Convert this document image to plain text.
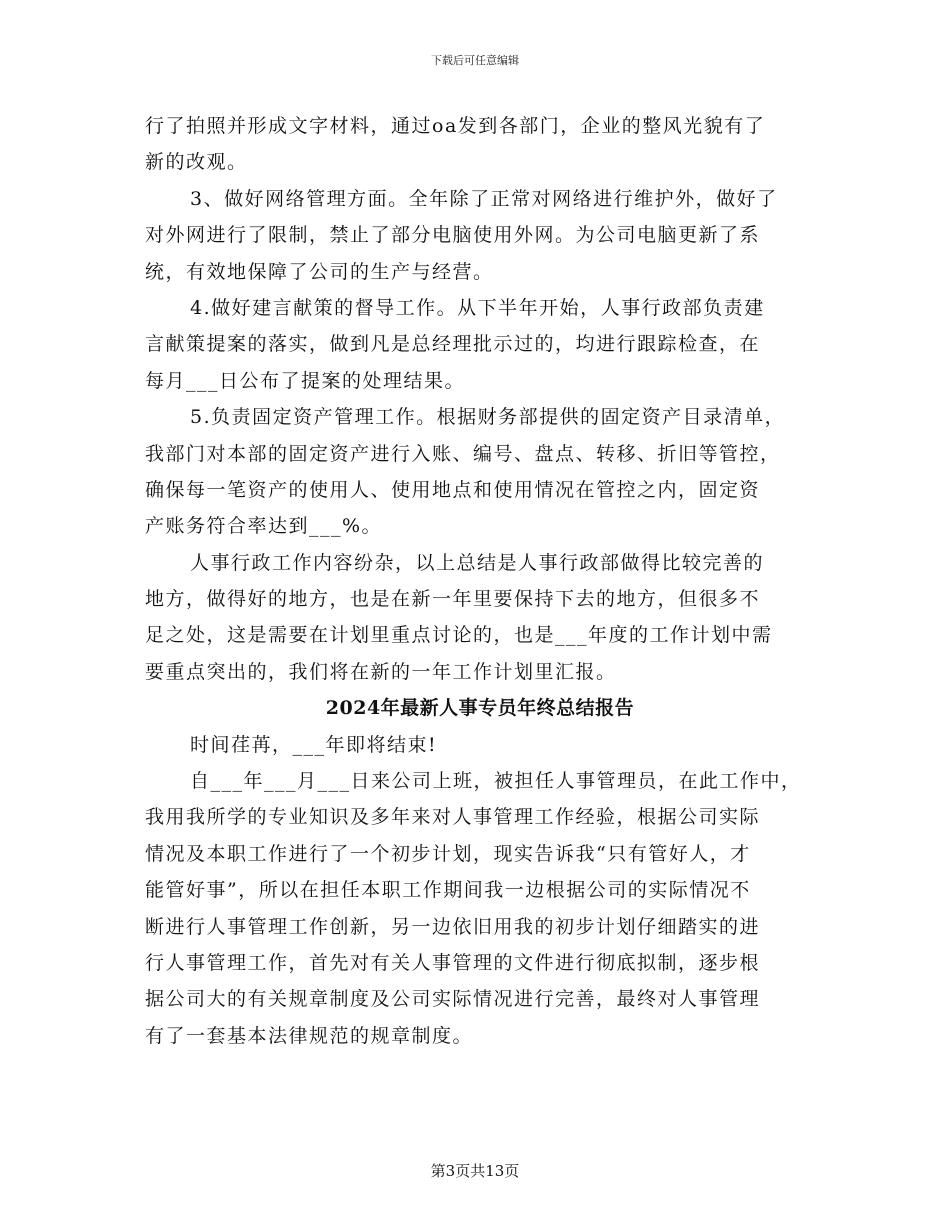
下载后可任意编辑
行了拍照并形成文字材料，通过oa发到各部门，企业的整风光貌有了
新的改观。
3、做好网络管理方面。全年除了正常对网络进行维护外，做好了
对外网进行了限制，禁止了部分电脑使用外网。为公司电脑更新了系
统，有效地保障了公司的生产与经营。
4.做好建言献策的督导工作。从下半年开始，人事行政部负责建
言献策提案的落实，做到凡是总经理批示过的，均进行跟踪检查，在
每月___日公布了提案的处理结果。
5.负责固定资产管理工作。根据财务部提供的固定资产目录清单，
我部门对本部的固定资产进行入账、编号、盘点、转移、折旧等管控，
确保每一笔资产的使用人、使用地点和使用情况在管控之内，固定资
产账务符合率达到___%。
人事行政工作内容纷杂，以上总结是人事行政部做得比较完善的
地方，做得好的地方，也是在新一年里要保持下去的地方，但很多不
足之处，这是需要在计划里重点讨论的，也是___年度的工作计划中需
要重点突出的，我们将在新的一年工作计划里汇报。
2024年最新人事专员年终总结报告
时间荏苒，___年即将结束!
自___年___月___日来公司上班，被担任人事管理员，在此工作中，
我用我所学的专业知识及多年来对人事管理工作经验，根据公司实际
情况及本职工作进行了一个初步计划，现实告诉我“只有管好人，才
能管好事”，所以在担任本职工作期间我一边根据公司的实际情况不
断进行人事管理工作创新，另一边依旧用我的初步计划仔细踏实的进
行人事管理工作，首先对有关人事管理的文件进行彻底拟制，逐步根
据公司大的有关规章制度及公司实际情况进行完善，最终对人事管理
有了一套基本法律规范的规章制度。
第3页共13页
